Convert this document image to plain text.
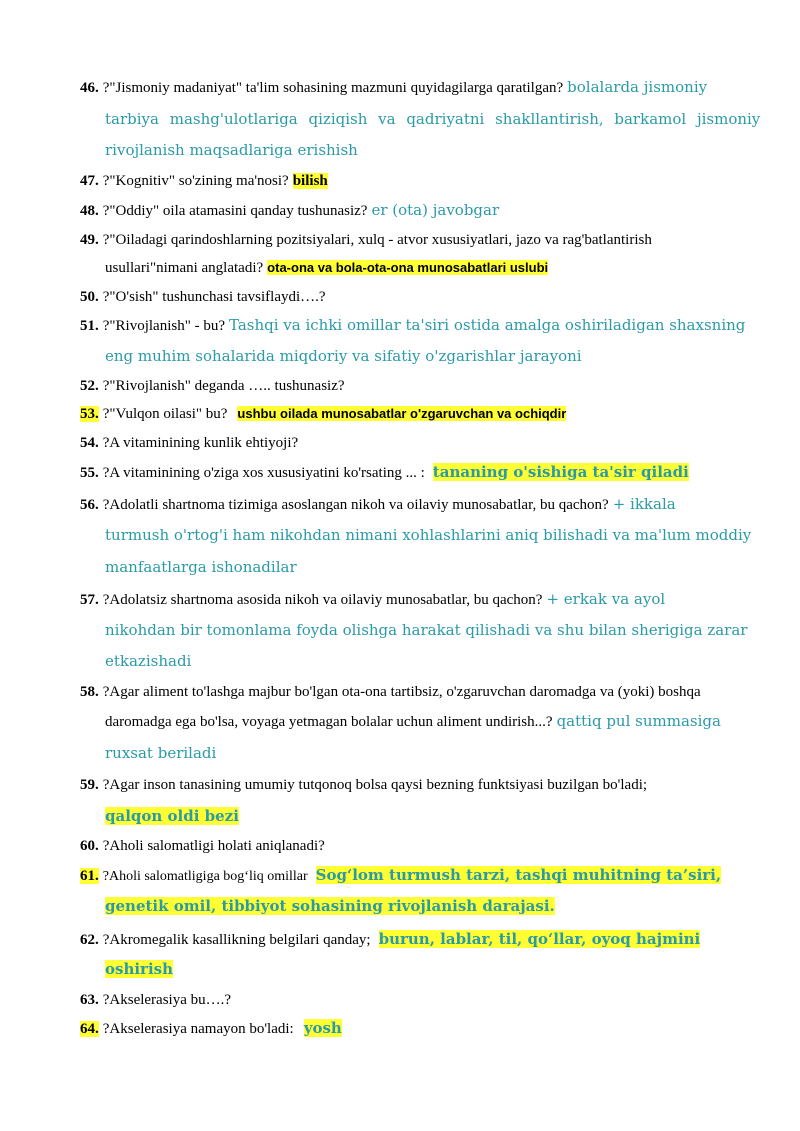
46. ?"Jismoniy madaniyat" ta'lim sohasining mazmuni quyidagilarga qaratilgan? bolalarda jismoniy
tarbiya mashg'ulotlariga qiziqish va qadriyatni shakllantirish, barkamol jismoniy
rivojlanish maqsadlariga erishish
47. ?"Kognitiv" so'zining ma'nosi? bilish
48. ?"Oddiy" oila atamasini qanday tushunasiz? er (ota) javobgar
49. ?"Oiladagi qarindoshlarning pozitsiyalari, xulq - atvor xususiyatlari, jazo va rag'batlantirish
usullari"nimani anglatadi? ota-ona va bola-ota-ona munosabatlari uslubi
50. ?"O'sish" tushunchasi tavsiflaydi….?
51. ?"Rivojlanish" - bu? Tashqi va ichki omillar ta'siri ostida amalga oshiriladigan shaxsning
eng muhim sohalarida miqdoriy va sifatiy o'zgarishlar jarayoni
52. ?"Rivojlanish" deganda ….. tushunasiz?
53. ?"Vulqon oilasi" bu? ushbu oilada munosabatlar o'zgaruvchan va ochiqdir
54. ?A vitaminining kunlik ehtiyoji?
55. ?A vitaminining o'ziga xos xususiyatini ko'rsating ... : tananing o'sishiga ta'sir qiladi
56. ?Adolatli shartnoma tizimiga asoslangan nikoh va oilaviy munosabatlar, bu qachon? + ikkala
turmush o'rtog'i ham nikohdan nimani xohlashlarini aniq bilishadi va ma'lum moddiy
manfaatlarga ishonadilar
57. ?Adolatsiz shartnoma asosida nikoh va oilaviy munosabatlar, bu qachon? + erkak va ayol
nikohdan bir tomonlama foyda olishga harakat qilishadi va shu bilan sherigiga zarar
etkazishadi
58. ?Agar aliment to'lashga majbur bo'lgan ota-ona tartibsiz, o'zgaruvchan daromadga va (yoki) boshqa
daromadga ega bo'lsa, voyaga yetmagan bolalar uchun aliment undirish...? qattiq pul summasiga
ruxsat beriladi
59. ?Agar inson tanasining umumiy tutqonoq bolsa qaysi bezning funktsiyasi buzilgan bo'ladi;
qalqon oldi bezi
60. ?Aholi salomatligi holati aniqlanadi?
61. ?Aholi salomatligiga bog‘liq omillar Sog‘lom turmush tarzi, tashqi muhitning ta’siri,
genetik omil, tibbiyot sohasining rivojlanish darajasi.
62. ?Akromegalik kasallikning belgilari qanday; burun, lablar, til, qo‘llar, oyoq hajmini
oshirish
63. ?Akselerasiya bu….?
64. ?Akselerasiya namayon bo'ladi: yosh
